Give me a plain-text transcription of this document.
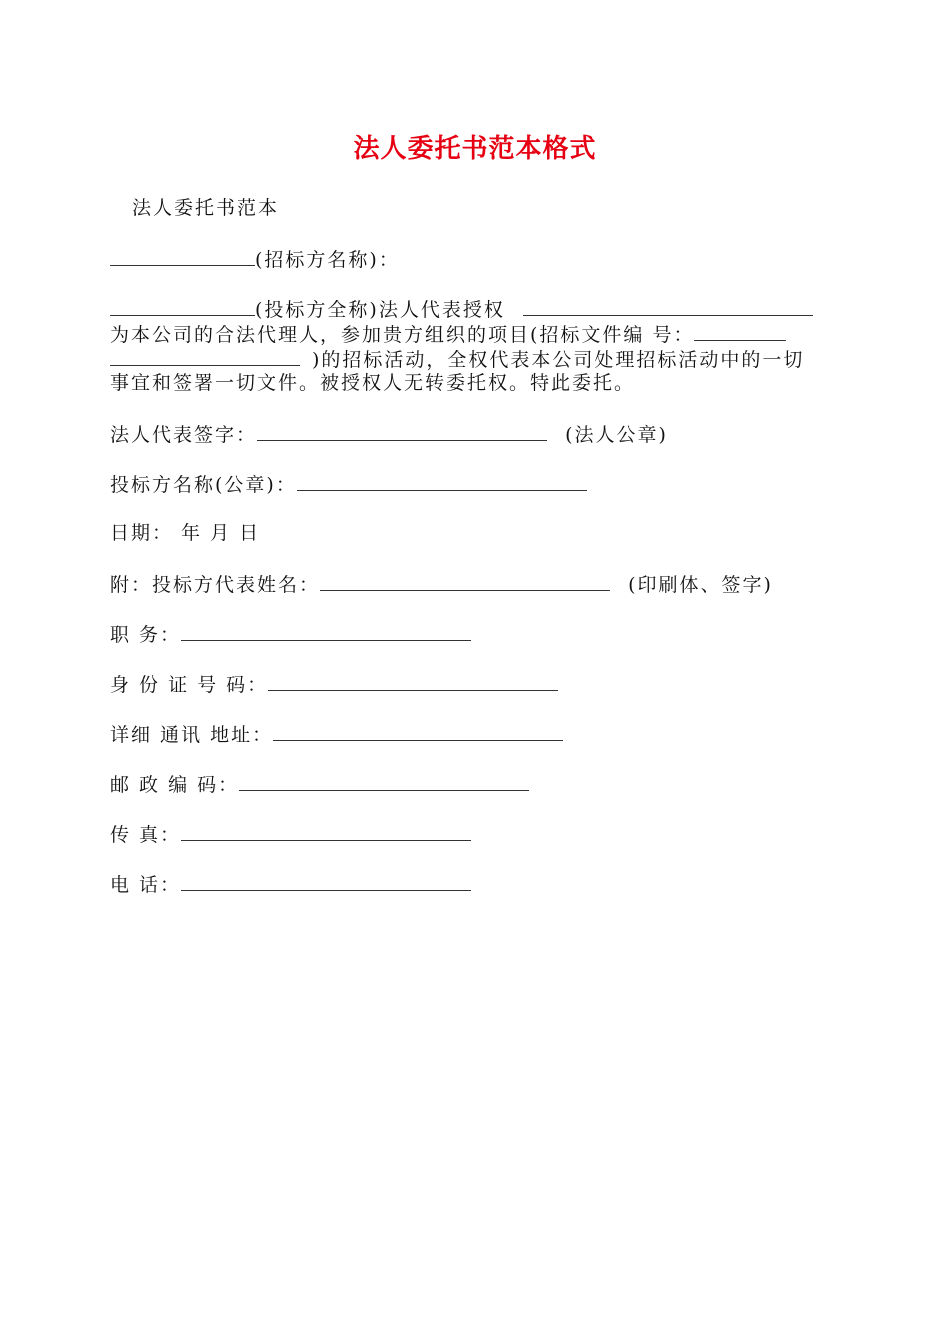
法人委托书范本格式
法人委托书范本
(招标方名称)：
(投标方全称)法人代表授权
为本公司的合法代理人，参加贵方组织的项目(招标文件编 号：
)的招标活动，全权代表本公司处理招标活动中的一切
事宜和签署一切文件。被授权人无转委托权。特此委托。
法人代表签字：	(法人公章)
投标方名称(公章)：
日期： 年 月 日
附：投标方代表姓名：	(印刷体、签字)
职 务：
身 份 证 号 码：
详细 通讯 地址：
邮 政 编 码：
传 真：
电 话：
